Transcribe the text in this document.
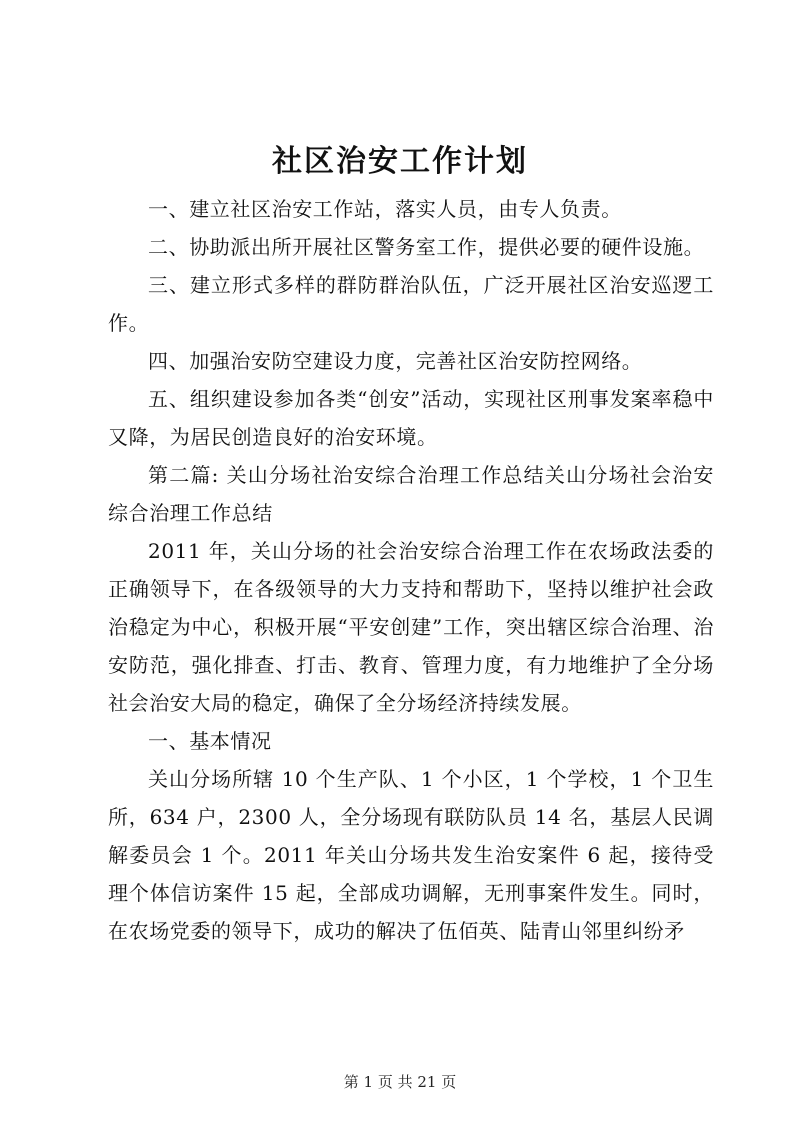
社区治安工作计划

一、建立社区治安工作站，落实人员，由专人负责。

二、协助派出所开展社区警务室工作，提供必要的硬件设施。

三、建立形式多样的群防群治队伍，广泛开展社区治安巡逻工作。

四、加强治安防空建设力度，完善社区治安防控网络。

五、组织建设参加各类“创安”活动，实现社区刑事发案率稳中又降，为居民创造良好的治安环境。

第二篇: 关山分场社治安综合治理工作总结关山分场社会治安综合治理工作总结

2011 年，关山分场的社会治安综合治理工作在农场政法委的正确领导下，在各级领导的大力支持和帮助下，坚持以维护社会政治稳定为中心，积极开展“平安创建”工作，突出辖区综合治理、治安防范，强化排查、打击、教育、管理力度，有力地维护了全分场社会治安大局的稳定，确保了全分场经济持续发展。

一、基本情况

关山分场所辖 10 个生产队、1 个小区，1 个学校，1 个卫生所，634 户，2300 人，全分场现有联防队员 14 名，基层人民调解委员会 1 个。2011 年关山分场共发生治安案件 6 起，接待受理个体信访案件 15 起，全部成功调解，无刑事案件发生。同时，在农场党委的领导下，成功的解决了伍佰英、陆青山邻里纠纷矛

第 1 页 共 21 页
